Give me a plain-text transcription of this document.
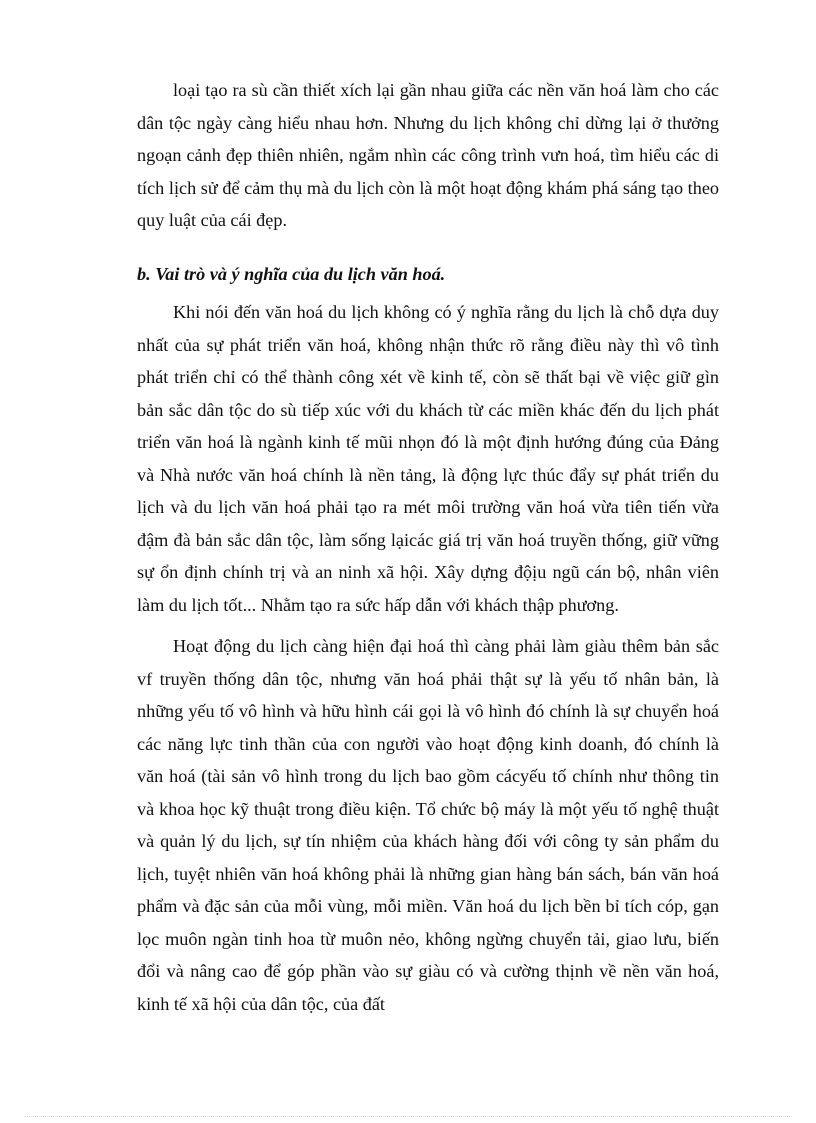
loại tạo ra sù cần thiết xích lại gần nhau giữa các nền văn hoá làm cho các dân tộc ngày càng hiểu nhau hơn. Nhưng du lịch không chỉ dừng lại ở thưởng ngoạn cảnh đẹp thiên nhiên, ngắm nhìn các công trình vưn hoá, tìm hiểu các di tích lịch sử để cảm thụ mà du lịch còn là một hoạt động khám phá sáng tạo theo quy luật của cái đẹp.

b. Vai trò và ý nghĩa của du lịch văn hoá.

Khi nói đến văn hoá du lịch không có ý nghĩa rằng du lịch là chỗ dựa duy nhất của sự phát triển văn hoá, không nhận thức rõ rằng điều này thì vô tình phát triển chỉ có thể thành công xét về kinh tế, còn sẽ thất bại về việc giữ gìn bản sắc dân tộc do sù tiếp xúc với du khách từ các miền khác đến du lịch phát triển văn hoá là ngành kinh tế mũi nhọn đó là một định hướng đúng của Đảng và Nhà nước văn hoá chính là nền tảng, là động lực thúc đẩy sự phát triển du lịch và du lịch văn hoá phải tạo ra mét môi trường văn hoá vừa tiên tiến vừa đậm đà bản sắc dân tộc, làm sống lạicác giá trị văn hoá truyền thống, giữ vững sự ổn định chính trị và an ninh xã hội. Xây dựng độịu ngũ cán bộ, nhân viên làm du lịch tốt... Nhằm tạo ra sức hấp dẫn với khách thập phương.

Hoạt động du lịch càng hiện đại hoá thì càng phải làm giàu thêm bản sắc vf truyền thống dân tộc, nhưng văn hoá phải thật sự là yếu tố nhân bản, là những yếu tố vô hình và hữu hình cái gọi là vô hình đó chính là sự chuyển hoá các năng lực tinh thần của con người vào hoạt động kinh doanh, đó chính là văn hoá (tài sản vô hình trong du lịch bao gồm cácyếu tố chính như thông tin và khoa học kỹ thuật trong điều kiện. Tổ chức bộ máy là một yếu tố nghệ thuật và quản lý du lịch, sự tín nhiệm của khách hàng đối với công ty sản phẩm du lịch, tuyệt nhiên văn hoá không phải là những gian hàng bán sách, bán văn hoá phẩm và đặc sản của mỗi vùng, mỗi miền. Văn hoá du lịch bền bỉ tích cóp, gạn lọc muôn ngàn tinh hoa từ muôn nẻo, không ngừng chuyển tải, giao lưu, biến đổi và nâng cao để góp phần vào sự giàu có và cường thịnh về nền văn hoá, kinh tế xã hội của dân tộc, của đất
